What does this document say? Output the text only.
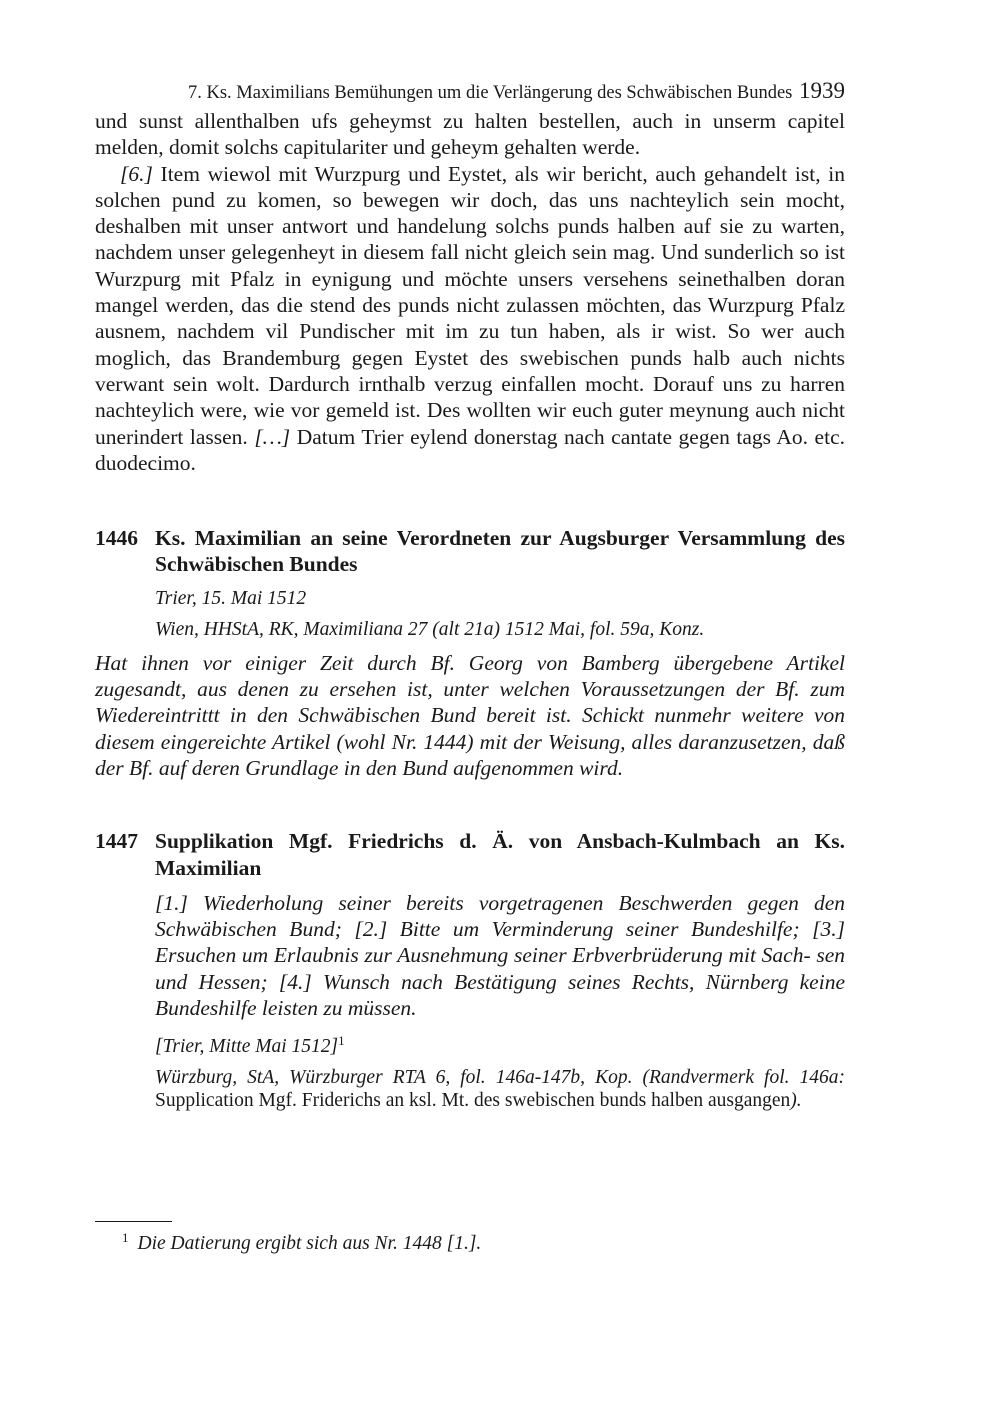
7. Ks. Maximilians Bemühungen um die Verlängerung des Schwäbischen Bundes 1939

und sunst allenthalben ufs geheymst zu halten bestellen, auch in unserm capitel melden, domit solchs capitulariter und geheym gehalten werde.

[6.] Item wiewol mit Wurzpurg und Eystet, als wir bericht, auch gehandelt ist, in solchen pund zu komen, so bewegen wir doch, das uns nachteylich sein mocht, deshalben mit unser antwort und handelung solchs punds halben auf sie zu warten, nachdem unser gelegenheyt in diesem fall nicht gleich sein mag. Und sunderlich so ist Wurzpurg mit Pfalz in eynigung und möchte unsers versehens seinethalben doran mangel werden, das die stend des punds nicht zulassen möchten, das Wurzpurg Pfalz ausnem, nachdem vil Pundischer mit im zu tun haben, als ir wist. So wer auch moglich, das Brandemburg gegen Eystet des swebischen punds halb auch nichts verwant sein wolt. Dardurch irnthalb verzug einfallen mocht. Dorauf uns zu harren nachteylich were, wie vor gemeld ist. Des wollten wir euch guter meynung auch nicht unerindert lassen. […] Datum Trier eylend donerstag nach cantate gegen tags Ao. etc. duodecimo.

1446 Ks. Maximilian an seine Verordneten zur Augsburger Versammlung des Schwäbischen Bundes
Trier, 15. Mai 1512
Wien, HHStA, RK, Maximiliana 27 (alt 21a) 1512 Mai, fol. 59a, Konz.
Hat ihnen vor einiger Zeit durch Bf. Georg von Bamberg übergebene Artikel zugesandt, aus denen zu ersehen ist, unter welchen Voraussetzungen der Bf. zum Wiedereintrittt in den Schwäbischen Bund bereit ist. Schickt nunmehr weitere von diesem eingereichte Artikel (wohl Nr. 1444) mit der Weisung, alles daranzusetzen, daß der Bf. auf deren Grundlage in den Bund aufgenommen wird.
1447 Supplikation Mgf. Friedrichs d. Ä. von Ansbach-Kulmbach an Ks. Maximilian
[1.] Wiederholung seiner bereits vorgetragenen Beschwerden gegen den Schwäbischen Bund; [2.] Bitte um Verminderung seiner Bundeshilfe; [3.] Ersuchen um Erlaubnis zur Ausnehmung seiner Erbverbrüderung mit Sach- sen und Hessen; [4.] Wunsch nach Bestätigung seines Rechts, Nürnberg keine Bundeshilfe leisten zu müssen.
[Trier, Mitte Mai 1512]$^1$
Würzburg, StA, Würzburger RTA 6, fol. 146a-147b, Kop. (Randvermerk fol. 146a: Supplication Mgf. Friderichs an ksl. Mt. des swebischen bunds halben ausgangen).
$^1$ Die Datierung ergibt sich aus Nr. 1448 [1.].
